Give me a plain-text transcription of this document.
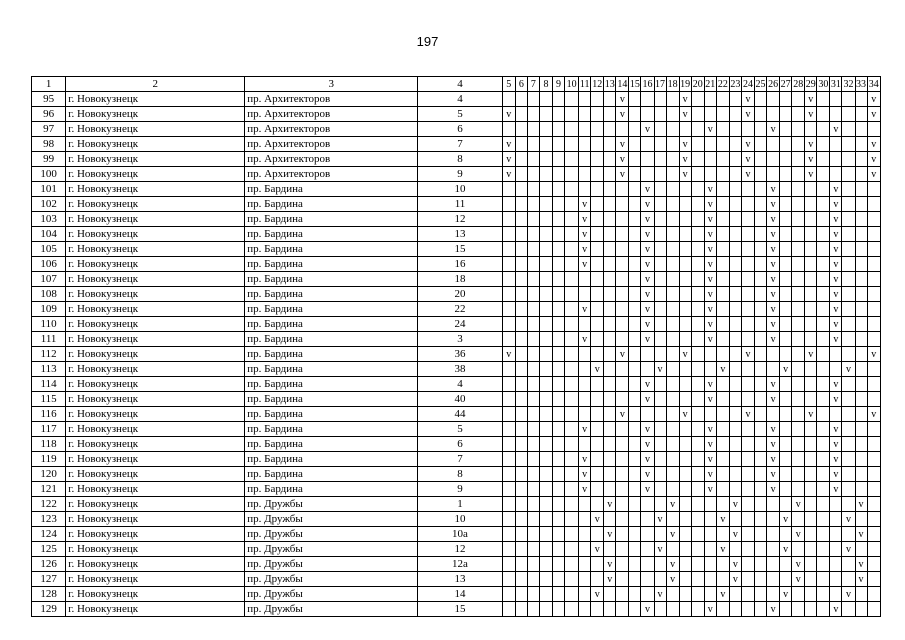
197
1	2	3	4	5	6	7	8	9	10	11	12	13	14	15	16	17	18	19	20	21	22	23	24	25	26	27	28	29	30	31	32	33	34
95	г. Новокузнецк	пр. Архитекторов	4										v					v					v					v					v
96	г. Новокузнецк	пр. Архитекторов	5	v									v					v					v					v					v
97	г. Новокузнецк	пр. Архитекторов	6												v					v					v					v			
98	г. Новокузнецк	пр. Архитекторов	7	v									v					v					v					v					v
99	г. Новокузнецк	пр. Архитекторов	8	v									v					v					v					v					v
100	г. Новокузнецк	пр. Архитекторов	9	v									v					v					v					v					v
101	г. Новокузнецк	пр. Бардина	10												v					v					v					v			
102	г. Новокузнецк	пр. Бардина	11							v					v					v					v					v			
103	г. Новокузнецк	пр. Бардина	12							v					v					v					v					v			
104	г. Новокузнецк	пр. Бардина	13							v					v					v					v					v			
105	г. Новокузнецк	пр. Бардина	15							v					v					v					v					v			
106	г. Новокузнецк	пр. Бардина	16							v					v					v					v					v			
107	г. Новокузнецк	пр. Бардина	18												v					v					v					v			
108	г. Новокузнецк	пр. Бардина	20												v					v					v					v			
109	г. Новокузнецк	пр. Бардина	22							v					v					v					v					v			
110	г. Новокузнецк	пр. Бардина	24												v					v					v					v			
111	г. Новокузнецк	пр. Бардина	3							v					v					v					v					v			
112	г. Новокузнецк	пр. Бардина	36	v									v					v					v					v					v
113	г. Новокузнецк	пр. Бардина	38								v					v					v					v					v		
114	г. Новокузнецк	пр. Бардина	4												v					v					v					v			
115	г. Новокузнецк	пр. Бардина	40												v					v					v					v			
116	г. Новокузнецк	пр. Бардина	44										v					v					v					v					v
117	г. Новокузнецк	пр. Бардина	5							v					v					v					v					v			
118	г. Новокузнецк	пр. Бардина	6												v					v					v					v			
119	г. Новокузнецк	пр. Бардина	7							v					v					v					v					v			
120	г. Новокузнецк	пр. Бардина	8							v					v					v					v					v			
121	г. Новокузнецк	пр. Бардина	9							v					v					v					v					v			
122	г. Новокузнецк	пр. Дружбы	1									v					v					v					v					v	
123	г. Новокузнецк	пр. Дружбы	10								v					v					v					v					v		
124	г. Новокузнецк	пр. Дружбы	10а									v					v					v					v					v	
125	г. Новокузнецк	пр. Дружбы	12								v					v					v					v					v		
126	г. Новокузнецк	пр. Дружбы	12а									v					v					v					v					v	
127	г. Новокузнецк	пр. Дружбы	13									v					v					v					v					v	
128	г. Новокузнецк	пр. Дружбы	14								v					v					v					v					v		
129	г. Новокузнецк	пр. Дружбы	15												v					v					v					v			
